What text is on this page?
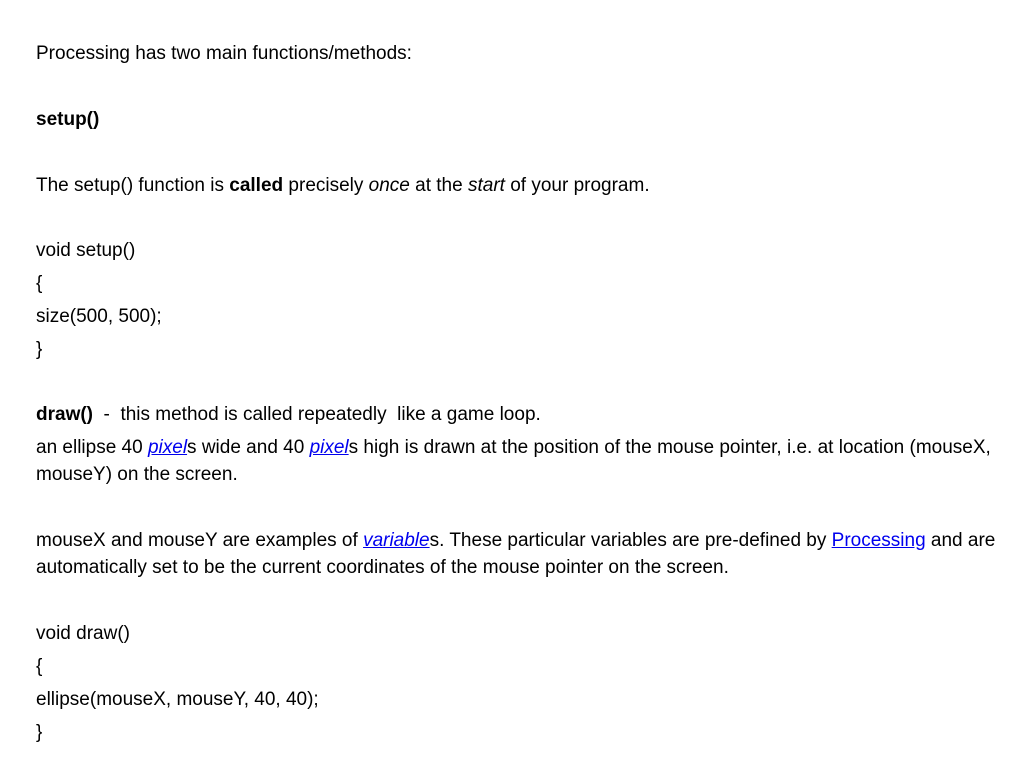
Processing has two main functions/methods:
setup()
The setup() function is called precisely once at the start of your program.
void setup()
{
size(500, 500);
}
draw()  -  this method is called repeatedly  like a game loop.
an ellipse 40 pixels wide and 40 pixels high is drawn at the position of the mouse pointer, i.e. at location (mouseX, mouseY) on the screen.
mouseX and mouseY are examples of variables. These particular variables are pre-defined by Processing and are automatically set to be the current coordinates of the mouse pointer on the screen.
void draw()
{
ellipse(mouseX, mouseY, 40, 40);
}
